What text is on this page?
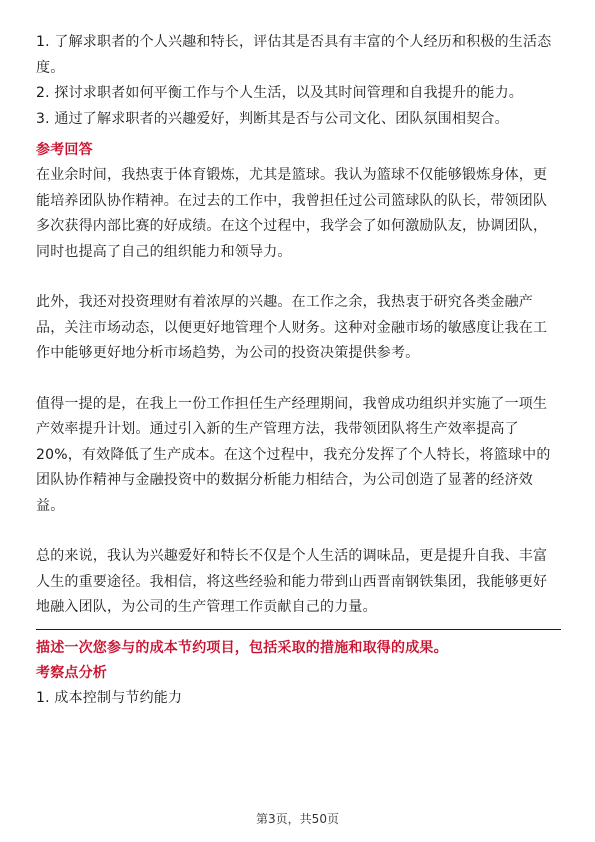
1. 了解求职者的个人兴趣和特长，评估其是否具有丰富的个人经历和积极的生活态度。

2. 探讨求职者如何平衡工作与个人生活，以及其时间管理和自我提升的能力。

3. 通过了解求职者的兴趣爱好，判断其是否与公司文化、团队氛围相契合。

参考回答

在业余时间，我热衷于体育锻炼，尤其是篮球。我认为篮球不仅能够锻炼身体，更能培养团队协作精神。在过去的工作中，我曾担任过公司篮球队的队长，带领团队多次获得内部比赛的好成绩。在这个过程中，我学会了如何激励队友，协调团队，同时也提高了自己的组织能力和领导力。

此外，我还对投资理财有着浓厚的兴趣。在工作之余，我热衷于研究各类金融产品，关注市场动态，以便更好地管理个人财务。这种对金融市场的敏感度让我在工作中能够更好地分析市场趋势，为公司的投资决策提供参考。

值得一提的是，在我上一份工作担任生产经理期间，我曾成功组织并实施了一项生产效率提升计划。通过引入新的生产管理方法，我带领团队将生产效率提高了20%，有效降低了生产成本。在这个过程中，我充分发挥了个人特长，将篮球中的团队协作精神与金融投资中的数据分析能力相结合，为公司创造了显著的经济效益。

总的来说，我认为兴趣爱好和特长不仅是个人生活的调味品，更是提升自我、丰富人生的重要途径。我相信，将这些经验和能力带到山西晋南钢铁集团，我能够更好地融入团队，为公司的生产管理工作贡献自己的力量。

描述一次您参与的成本节约项目，包括采取的措施和取得的成果。

考察点分析

1. 成本控制与节约能力

第3页，共50页
